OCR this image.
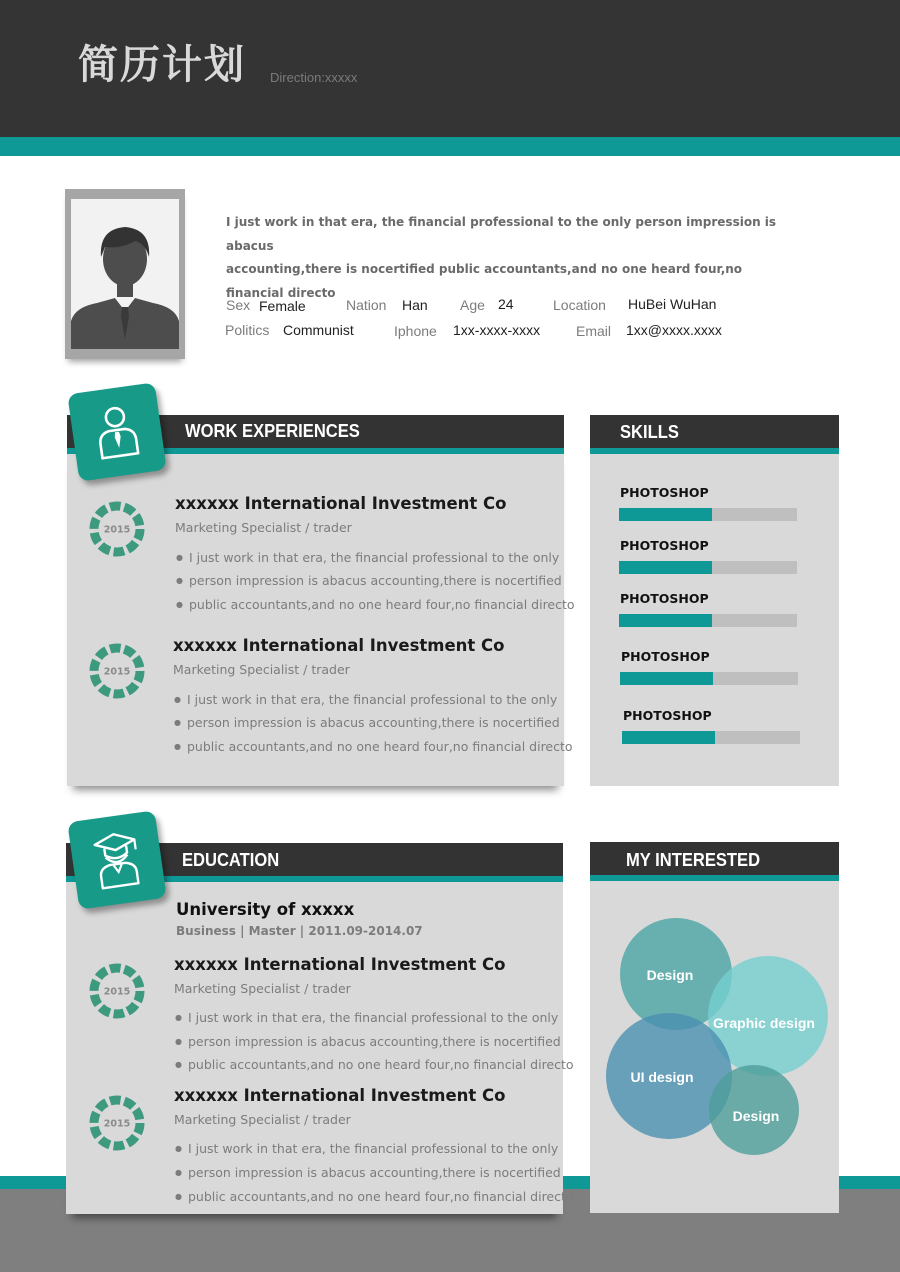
简历计划 Direction:xxxxx
I just work in that era, the financial professional to the only person impression is abacus
accounting,there is nocertified public accountants,and no one heard four,no financial directo
Sex Female	Nation Han Age 24	Location HuBei WuHan
Politics Communist	Iphone 1xx-xxxx-xxxx	Email 1xx@xxxx.xxxx
WORK EXPERIENCES
2015
xxxxxx International Investment Co
Marketing Specialist / trader
● I just work in that era, the financial professional to the only
● person impression is abacus accounting,there is nocertified
● public accountants,and no one heard four,no financial directo
2015
xxxxxx International Investment Co
Marketing Specialist / trader
● I just work in that era, the financial professional to the only
● person impression is abacus accounting,there is nocertified
● public accountants,and no one heard four,no financial directo
SKILLS
PHOTOSHOP
PHOTOSHOP
PHOTOSHOP
PHOTOSHOP
PHOTOSHOP
EDUCATION
University of xxxxx
Business | Master | 2011.09-2014.07
2015
xxxxxx International Investment Co
Marketing Specialist / trader
● I just work in that era, the financial professional to the only
● person impression is abacus accounting,there is nocertified
● public accountants,and no one heard four,no financial directo
2015
xxxxxx International Investment Co
Marketing Specialist / trader
● I just work in that era, the financial professional to the only
● person impression is abacus accounting,there is nocertified
● public accountants,and no one heard four,no financial directo
MY INTERESTED
Design
Graphic design
UI design
Design
